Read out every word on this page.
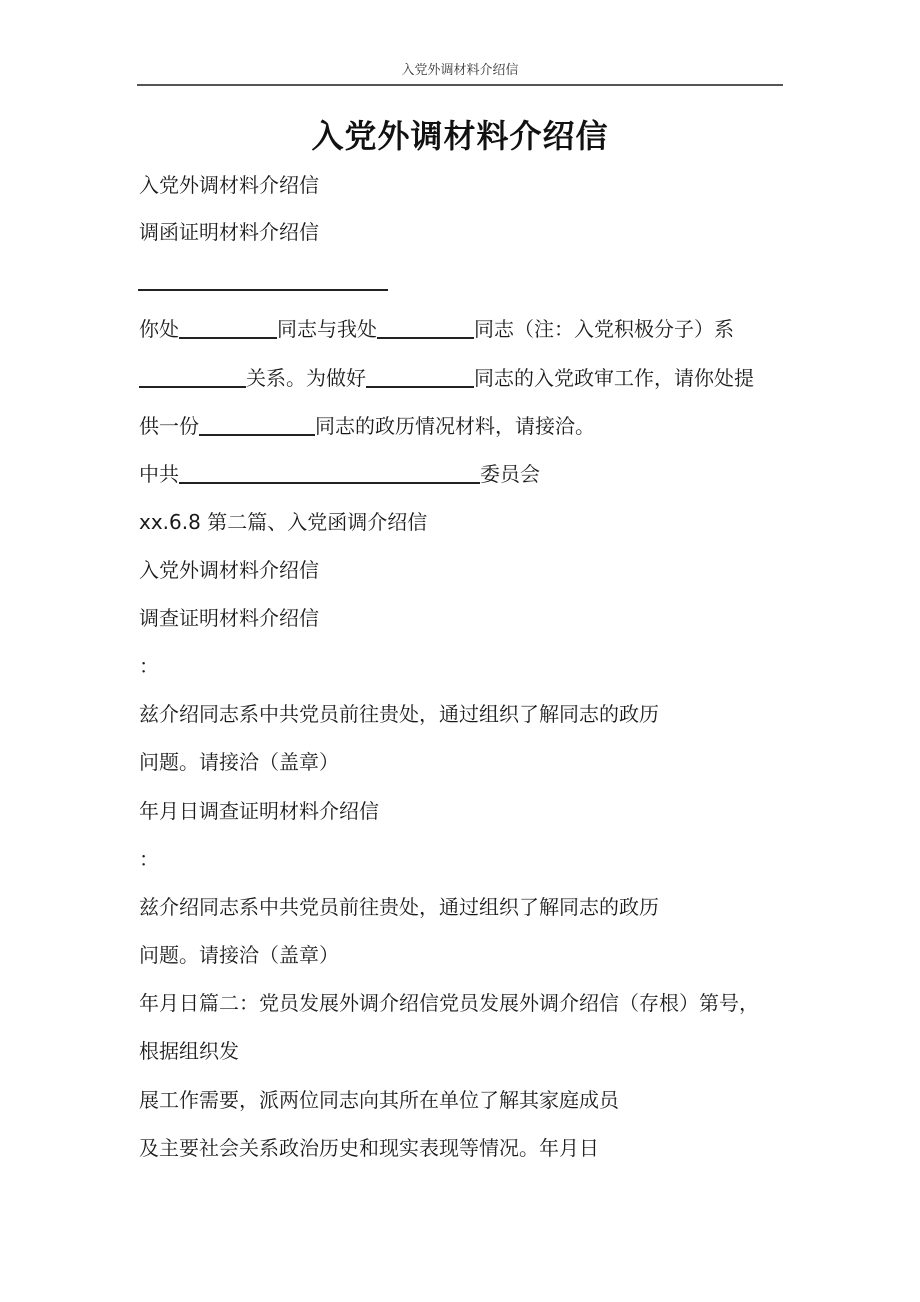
入党外调材料介绍信
入党外调材料介绍信
入党外调材料介绍信
调函证明材料介绍信
你处	同志与我处	同志（注：入党积极分子）系
关系。为做好	同志的入党政审工作，请你处提
供一份	同志的政历情况材料，请接洽。
中共	委员会
xx.6.8 第二篇、入党函调介绍信
入党外调材料介绍信
调查证明材料介绍信
：
兹介绍同志系中共党员前往贵处，通过组织了解同志的政历
问题。请接洽（盖章）
年月日调查证明材料介绍信
：
兹介绍同志系中共党员前往贵处，通过组织了解同志的政历
问题。请接洽（盖章）
年月日篇二：党员发展外调介绍信党员发展外调介绍信（存根）第号，
根据组织发
展工作需要，派两位同志向其所在单位了解其家庭成员
及主要社会关系政治历史和现实表现等情况。年月日
